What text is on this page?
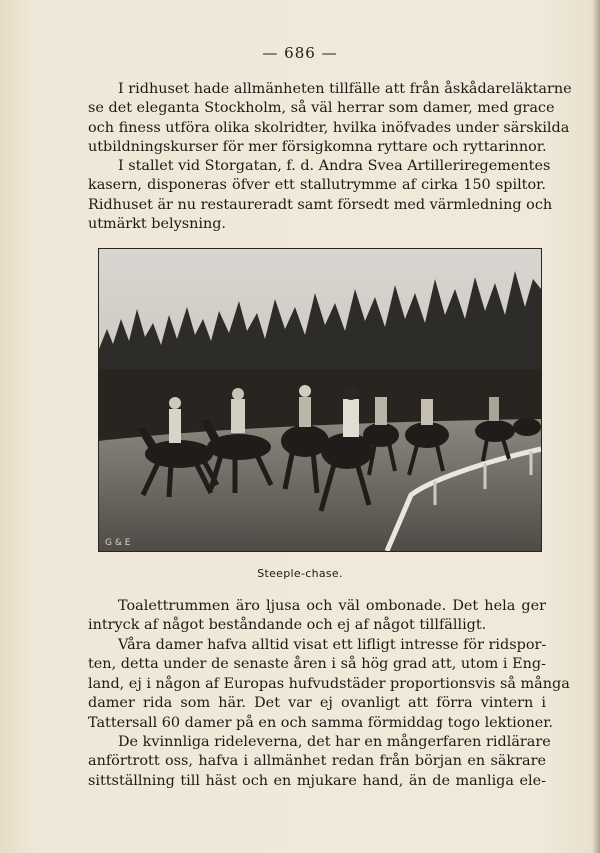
— 686 —

I ridhuset hade allmänheten tillfälle att från åskådareläktarne
se det eleganta Stockholm, så väl herrar som damer, med grace
och finess utföra olika skolridter, hvilka inöfvades under särskilda
utbildningskurser för mer försigkomna ryttare och ryttarinnor.

I stallet vid Storgatan, f. d. Andra Svea Artilleriregementes
kasern, disponeras öfver ett stallutrymme af cirka 150 spiltor.
Ridhuset är nu restaureradt samt försedt med värmledning och
utmärkt belysning.

G & E
Steeple-chase.

Toalettrummen äro ljusa och väl ombonade. Det hela ger
intryck af något beståndande och ej af något tillfälligt.

Våra damer hafva alltid visat ett lifligt intresse för ridspor-
ten, detta under de senaste åren i så hög grad att, utom i Eng-
land, ej i någon af Europas hufvudstäder proportionsvis så många
damer rida som här. Det var ej ovanligt att förra vintern i
Tattersall 60 damer på en och samma förmiddag togo lektioner.

De kvinnliga rideleverna, det har en mångerfaren ridlärare
anförtrott oss, hafva i allmänhet redan från början en säkrare
sittställning till häst och en mjukare hand, än de manliga ele-
